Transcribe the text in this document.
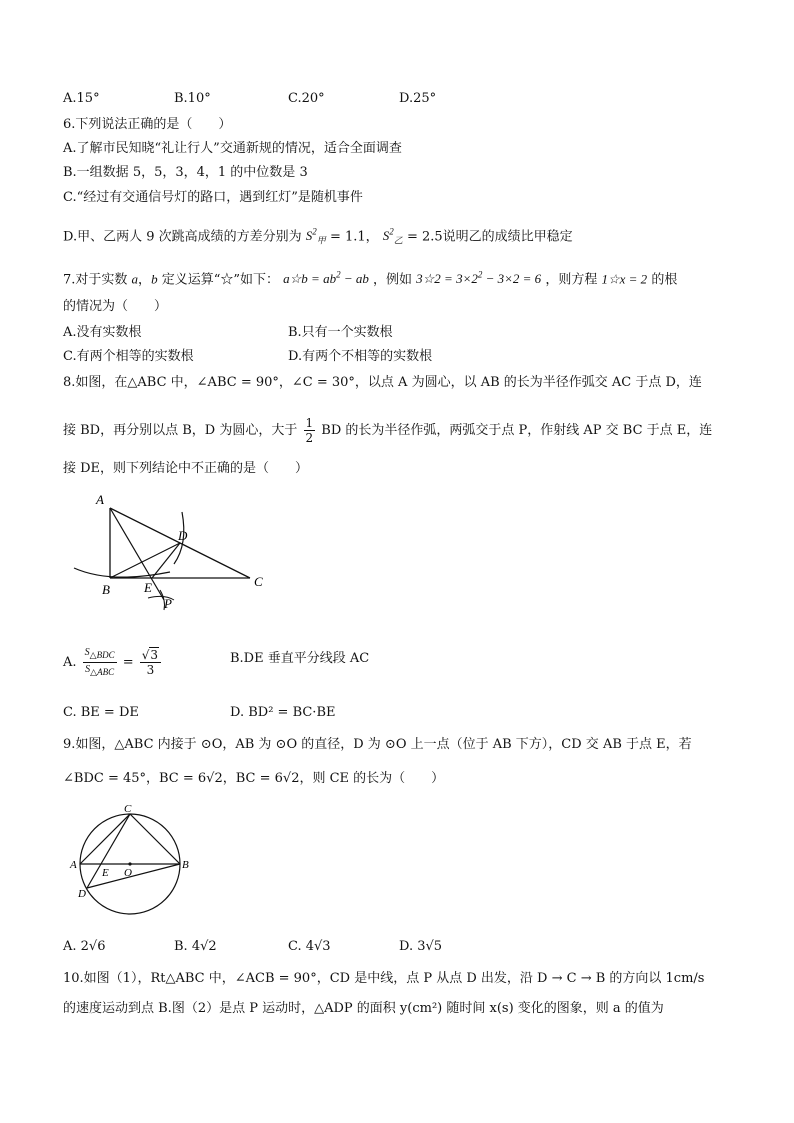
A.15°	B.10°	C.20°	D.25°
6.下列说法正确的是（　　）
A.了解市民知晓“礼让行人”交通新规的情况，适合全面调查
B.一组数据 5，5，3，4，1 的中位数是 3
C.“经过有交通信号灯的路口，遇到红灯”是随机事件
D.甲、乙两人 9 次跳高成绩的方差分别为 $S^2_甲 = 1.1$， $S^2_乙 = 2.5$说明乙的成绩比甲稳定
7.对于实数 a，b 定义运算“☆”如下： a☆b = $ab^2$ − ab ，例如 3☆2 = $3\times 2^2 - 3\times 2 = 6$ ，则方程 1☆x = 2 的根
的情况为（　　）
A.没有实数根	B.只有一个实数根
C.有两个相等的实数根	D.有两个不相等的实数根
8.如图，在△ABC 中，∠ABC = 90°，∠C = 30°，以点 A 为圆心，以 AB 的长为半径作弧交 AC 于点 D，连
接 BD，再分别以点 B，D 为圆心，大于 $\frac{1}{2}$ BD 的长为半径作弧，两弧交于点 P，作射线 AP 交 BC 于点 E，连
接 DE，则下列结论中不正确的是（　　）
A
D
B	E	C
P
A. $\frac{S_{\triangle BDC}}{S_{\triangle ABC}} = \frac{√3}{3}$	B.DE 垂直平分线段 AC
C. BE = DE	D. BD² = BC·BE
9.如图，△ABC 内接于 ⊙O，AB 为 ⊙O 的直径，D 为 ⊙O 上一点（位于 AB 下方），CD 交 AB 于点 E，若
∠BDC = 45°，BC = 6√2，BC = 6√2，则 CE 的长为（　　）
C
A
E O
B
D
A. 2√6	B. 4√2	C. 4√3	D. 3√5
10.如图（1），Rt△ABC 中，∠ACB = 90°，CD 是中线，点 P 从点 D 出发，沿 D → C → B 的方向以 1cm/s
的速度运动到点 B.图（2）是点 P 运动时，△ADP 的面积 y(cm²) 随时间 x(s) 变化的图象，则 a 的值为
